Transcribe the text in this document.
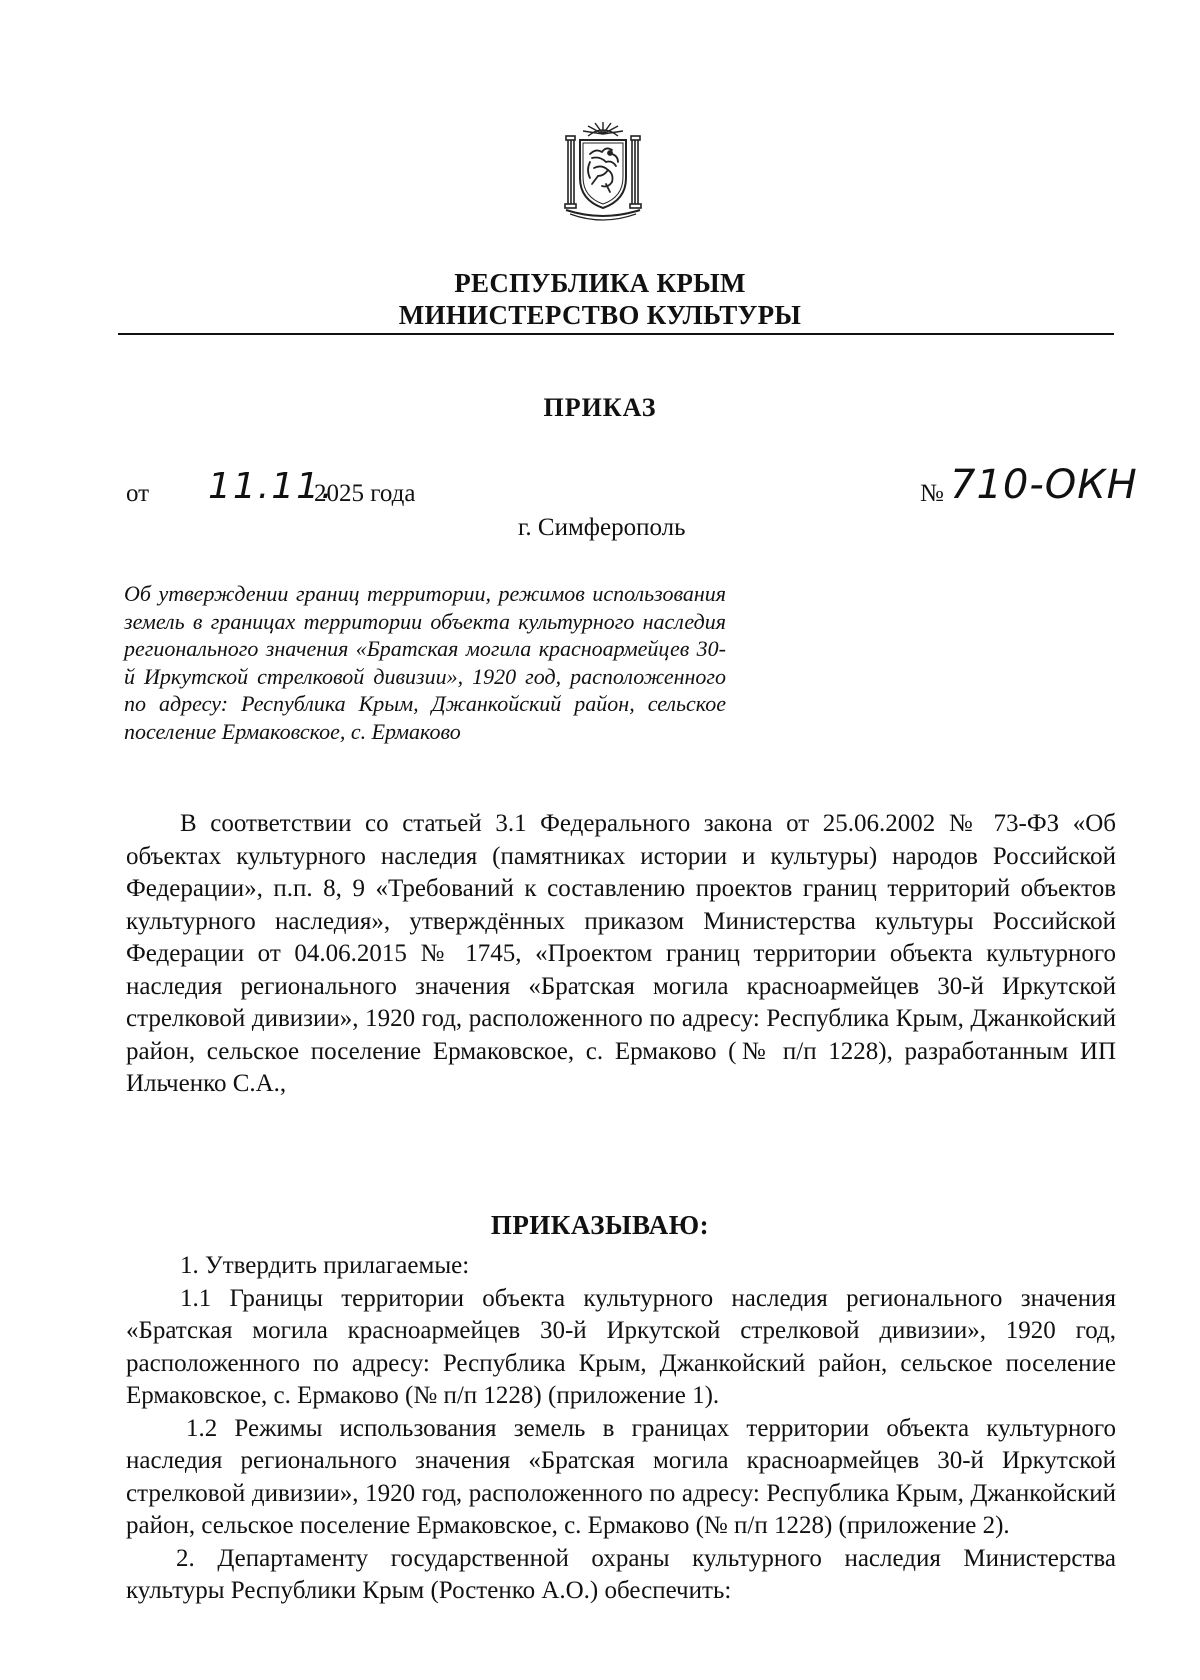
РЕСПУБЛИКА КРЫМ
МИНИСТЕРСТВО КУЛЬТУРЫ
ПРИКАЗ
от 11.11.
2025 года	№ 710-ОКН
г. Симферополь

Об утверждении границ территории, режимов использования земель в границах территории объекта культурного наследия регионального значения «Братская могила красноармейцев 30-й Иркутской стрелковой дивизии», 1920 год, расположенного по адресу: Республика Крым, Джанкойский район, сельское поселение Ермаковское, с. Ермаково

В соответствии со статьей 3.1 Федерального закона от 25.06.2002 № 73-ФЗ «Об объектах культурного наследия (памятниках истории и культуры) народов Российской Федерации», п.п. 8, 9 «Требований к составлению проектов границ территорий объектов культурного наследия», утверждённых приказом Министерства культуры Российской Федерации от 04.06.2015 № 1745, «Проектом границ территории объекта культурного наследия регионального значения «Братская могила красноармейцев 30-й Иркутской стрелковой дивизии», 1920 год, расположенного по адресу: Республика Крым, Джанкойский район, сельское поселение Ермаковское, с. Ермаково (№ п/п 1228), разработанным ИП Ильченко С.А.,

ПРИКАЗЫВАЮ:

1. Утвердить прилагаемые:

1.1 Границы территории объекта культурного наследия регионального значения «Братская могила красноармейцев 30-й Иркутской стрелковой дивизии», 1920 год, расположенного по адресу: Республика Крым, Джанкойский район, сельское поселение Ермаковское, с. Ермаково (№ п/п 1228) (приложение 1).

1.2 Режимы использования земель в границах территории объекта культурного наследия регионального значения «Братская могила красноармейцев 30-й Иркутской стрелковой дивизии», 1920 год, расположенного по адресу: Республика Крым, Джанкойский район, сельское поселение Ермаковское, с. Ермаково (№ п/п 1228) (приложение 2).

2. Департаменту государственной охраны культурного наследия Министерства культуры Республики Крым (Ростенко А.О.) обеспечить:
